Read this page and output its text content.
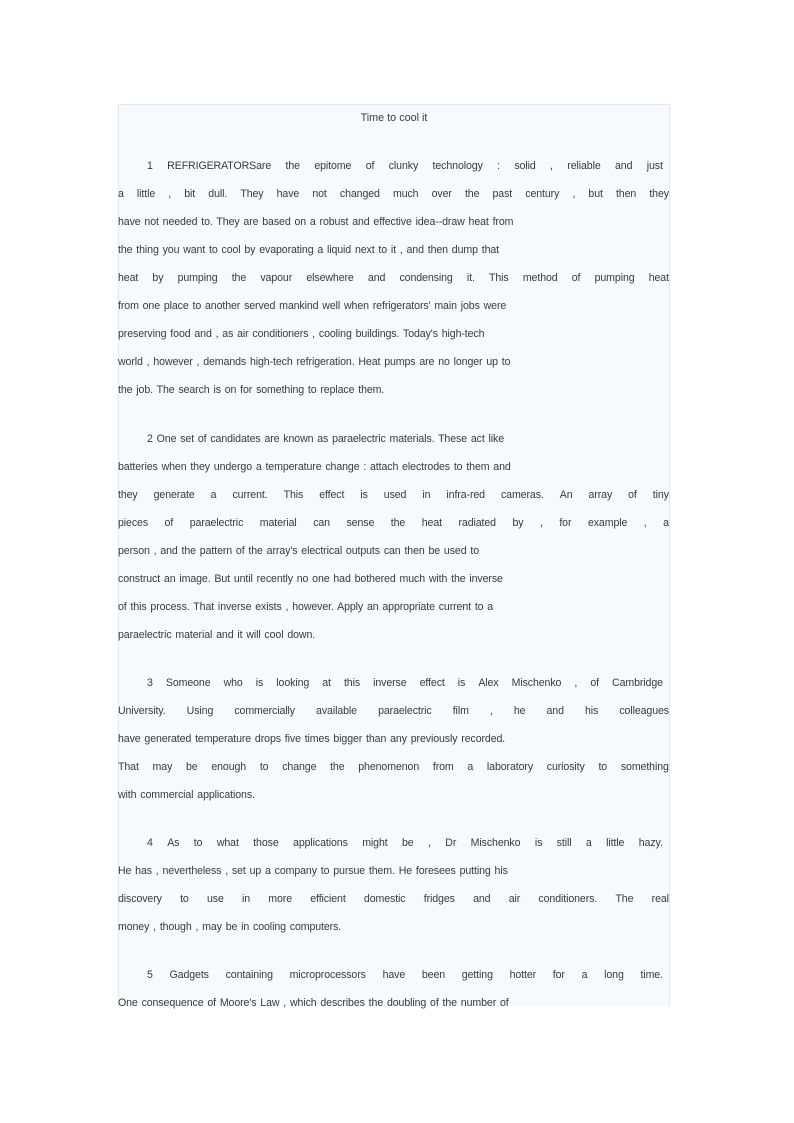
Time to cool it
1 REFRIGERATORSare the epitome of clunky technology : solid , reliable and just
a little , bit dull. They have not changed much over the past century , but then they
have not needed to. They are based on a robust and effective idea--draw heat from
the thing you want to cool by evaporating a liquid next to it , and then dump that
heat by pumping the vapour elsewhere and condensing it. This method of pumping heat
from one place to another served mankind well when refrigerators' main jobs were
preserving food and , as air conditioners , cooling buildings. Today's high-tech
world , however , demands high-tech refrigeration. Heat pumps are no longer up to
the job. The search is on for something to replace them.
2 One set of candidates are known as paraelectric materials. These act like
batteries when they undergo a temperature change : attach electrodes to them and
they generate a current. This effect is used in infra-red cameras. An array of tiny
pieces of paraelectric material can sense the heat radiated by , for example , a
person , and the pattern of the array's electrical outputs can then be used to
construct an image. But until recently no one had bothered much with the inverse
of this process. That inverse exists , however. Apply an appropriate current to a
paraelectric material and it will cool down.
3 Someone who is looking at this inverse effect is Alex Mischenko , of Cambridge
University. Using commercially available paraelectric film , he and his colleagues
have generated temperature drops five times bigger than any previously recorded.
That may be enough to change the phenomenon from a laboratory curiosity to something
with commercial applications.
4 As to what those applications might be , Dr Mischenko is still a little hazy.
He has , nevertheless , set up a company to pursue them. He foresees putting his
discovery to use in more efficient domestic fridges and air conditioners. The real
money , though , may be in cooling computers.
5 Gadgets containing microprocessors have been getting hotter for a long time.
One consequence of Moore's Law , which describes the doubling of the number of
